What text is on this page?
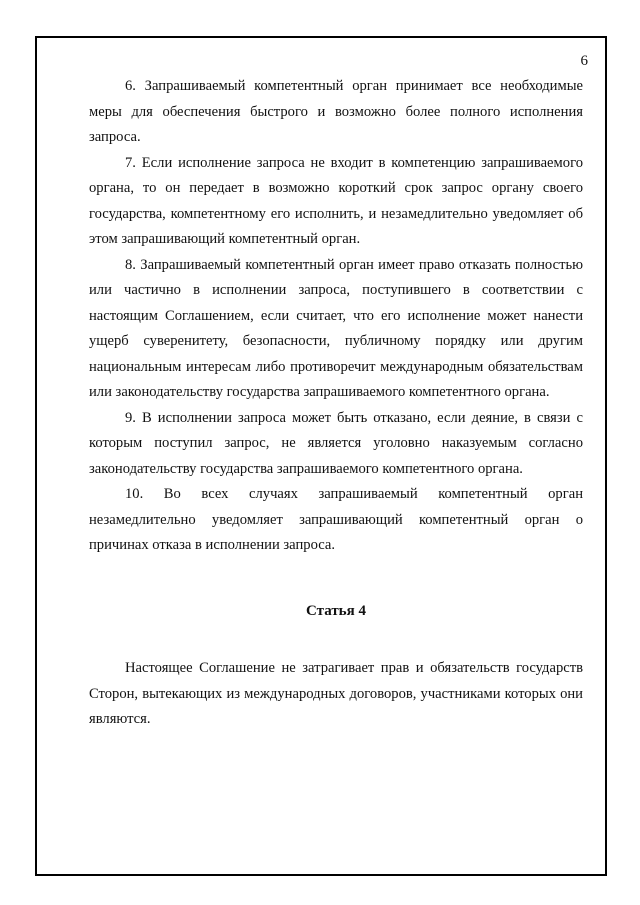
6

6. Запрашиваемый компетентный орган принимает все необходимые меры для обеспечения быстрого и возможно более полного исполнения запроса.

7. Если исполнение запроса не входит в компетенцию запрашиваемого органа, то он передает в возможно короткий срок запрос органу своего государства, компетентному его исполнить, и незамедлительно уведомляет об этом запрашивающий компетентный орган.

8. Запрашиваемый компетентный орган имеет право отказать полностью или частично в исполнении запроса, поступившего в соответствии с настоящим Соглашением, если считает, что его исполнение может нанести ущерб суверенитету, безопасности, публичному порядку или другим национальным интересам либо противоречит международным обязательствам или законодательству государства запрашиваемого компетентного органа.

9. В исполнении запроса может быть отказано, если деяние, в связи с которым поступил запрос, не является уголовно наказуемым согласно законодательству государства запрашиваемого компетентного органа.

10. Во всех случаях запрашиваемый компетентный орган незамедлительно уведомляет запрашивающий компетентный орган о причинах отказа в исполнении запроса.

Статья 4

Настоящее Соглашение не затрагивает прав и обязательств государств Сторон, вытекающих из международных договоров, участниками которых они являются.
